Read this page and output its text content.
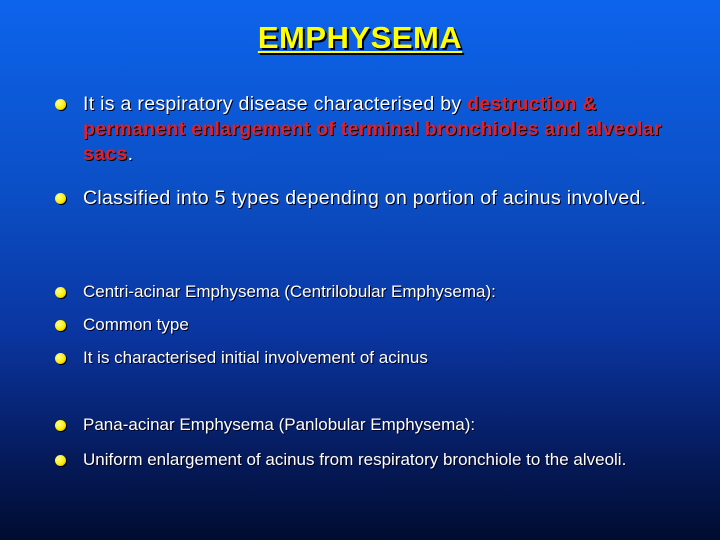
EMPHYSEMA
It is a respiratory disease characterised by destruction & permanent enlargement of terminal bronchioles and alveolar sacs.
Classified into 5 types depending on portion of acinus involved.
Centri-acinar Emphysema (Centrilobular Emphysema):
Common type
It is characterised initial involvement of acinus
Pana-acinar Emphysema (Panlobular Emphysema):
Uniform enlargement of acinus from respiratory bronchiole to the alveoli.
